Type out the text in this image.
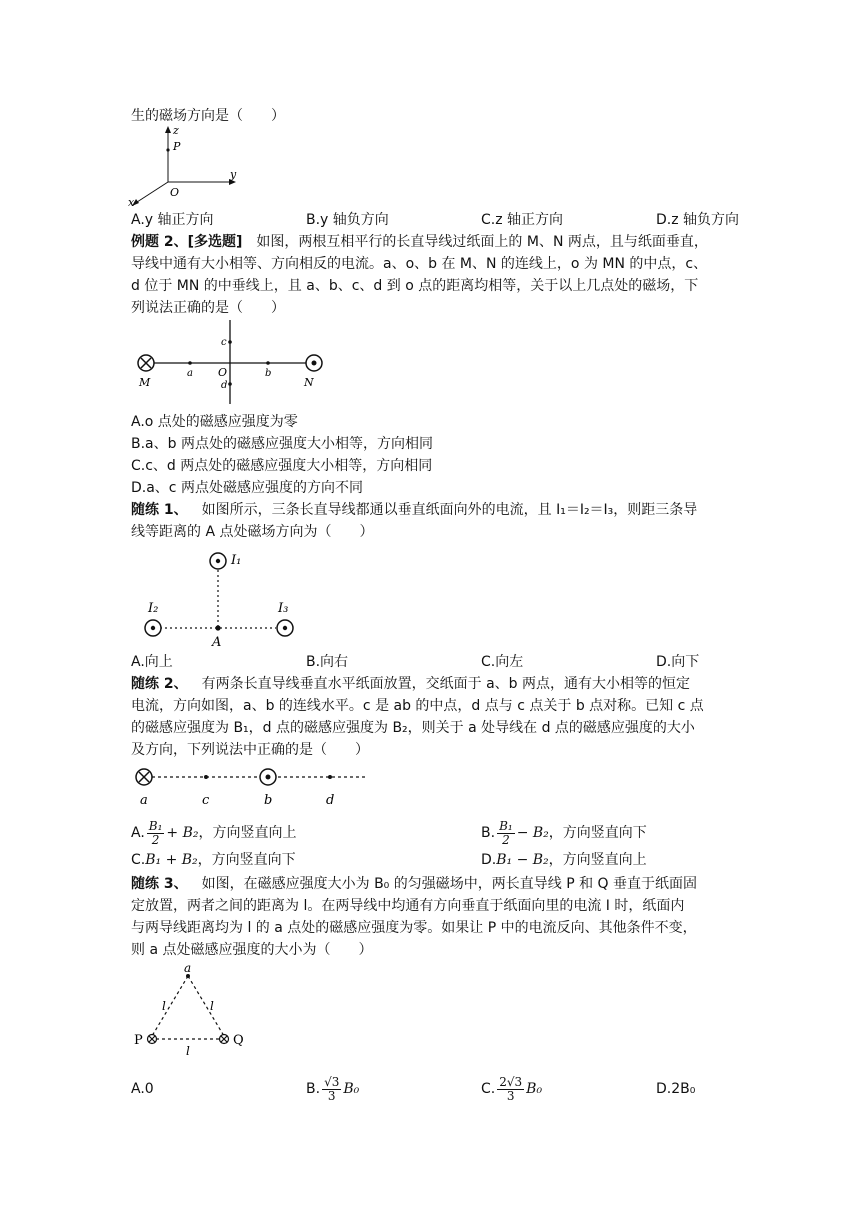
生的磁场方向是（　　）
z
P
O
y
x
A.y 轴正方向	B.y 轴负方向	C.z 轴正方向	D.z 轴负方向
例题 2、[多选题] 如图，两根互相平行的长直导线过纸面上的 M、N 两点，且与纸面垂直，
导线中通有大小相等、方向相反的电流。a、o、b 在 M、N 的连线上，o 为 MN 的中点，c、
d 位于 MN 的中垂线上，且 a、b、c、d 到 o 点的距离均相等，关于以上几点处的磁场，下
列说法正确的是（　　）
M
a O	b
N
c
d
A.o 点处的磁感应强度为零
B.a、b 两点处的磁感应强度大小相等，方向相同
C.c、d 两点处的磁感应强度大小相等，方向相同
D.a、c 两点处磁感应强度的方向不同
随练 1、 如图所示，三条长直导线都通以垂直纸面向外的电流，且 I₁＝I₂＝I₃，则距三条导
线等距离的 A 点处磁场方向为（　　）
I₁
I₂	I₃
A
A.向上	B.向右	C.向左	D.向下
随练 2、 有两条长直导线垂直水平纸面放置，交纸面于 a、b 两点，通有大小相等的恒定
电流，方向如图，a、b 的连线水平。c 是 ab 的中点，d 点与 c 点关于 b 点对称。已知 c 点
的磁感应强度为 B₁，d 点的磁感应强度为 B₂，则关于 a 处导线在 d 点的磁感应强度的大小
及方向，下列说法中正确的是（　　）
a	c	b	d
A. $\frac{\text{B₁}}{2} + B_2$，方向竖直向上	B. $\frac{\text{B₁}}{2} - B_2$，方向竖直向下
C.B₁ + B₂，方向竖直向下	D.B₁ − B₂，方向竖直向上
随练 3、 如图，在磁感应强度大小为 B₀ 的匀强磁场中，两长直导线 P 和 Q 垂直于纸面固
定放置，两者之间的距离为 l。在两导线中均通有方向垂直于纸面向里的电流 I 时，纸面内
与两导线距离均为 l 的 a 点处的磁感应强度为零。如果让 P 中的电流反向、其他条件不变，
则 a 点处磁感应强度的大小为（　　）
a
l	l
l
P	Q
A.0	B. $\frac{√3}{3} B_0$	C. $\frac{2√3}{3} B_0$	D.2B₀
